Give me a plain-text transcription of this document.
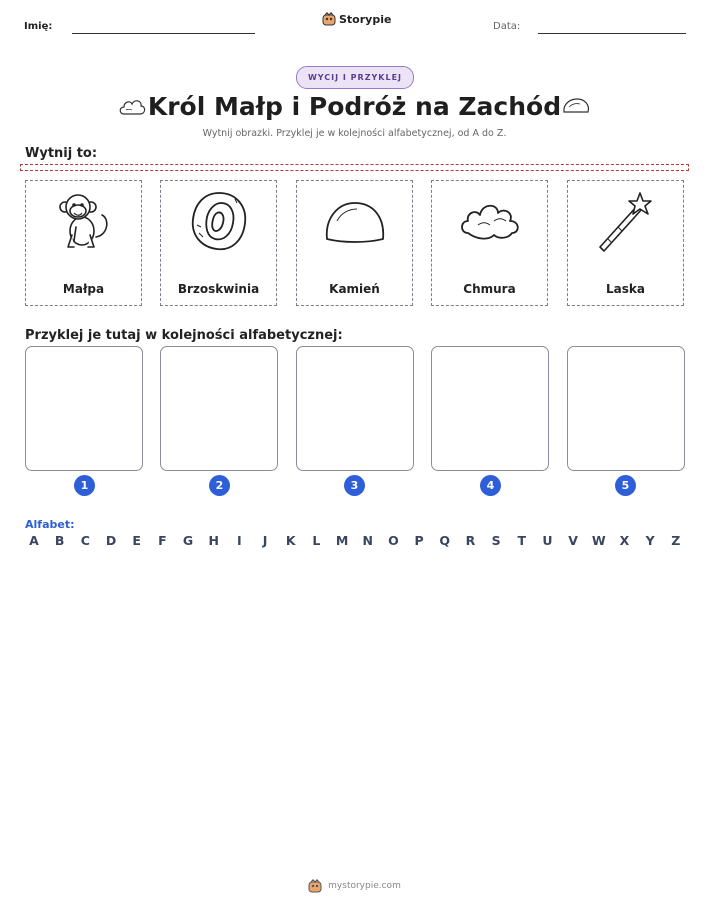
Imię:
Storypie
Data:
WYCIJ I PRZYKLEJ
Król Małp i Podróż na Zachód
Wytnij obrazki. Przyklej je w kolejności alfabetycznej, od A do Z.
Wytnij to:
Małpa	Brzoskwinia	Kamień	Chmura	Laska
Przyklej je tutaj w kolejności alfabetycznej:
1	2	3	4	5
Alfabet:
A	B	C	D	E	F	G	H	I	J	K	L	M	N	O	P	Q	R	S	T	U	V	W	X	Y	Z
mystorypie.com
